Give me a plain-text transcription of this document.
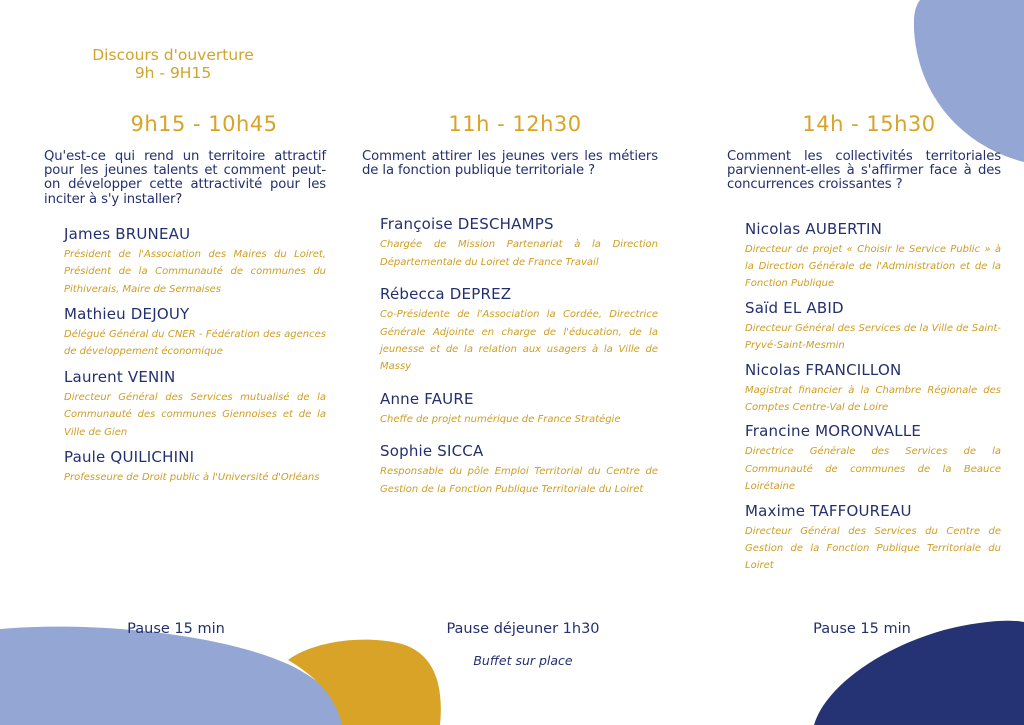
Discours d'ouverture
9h - 9H15
9h15 - 10h45
Qu'est-ce qui rend un territoire attractif pour les jeunes talents et comment peut-on développer cette attractivité pour les inciter à s'y installer?
James BRUNEAU
Président de l'Association des Maires du Loiret, Président de la Communauté de communes du Pithiverais, Maire de Sermaises
Mathieu DEJOUY
Délégué Général du CNER - Fédération des agences de développement économique
Laurent VENIN
Directeur Général des Services mutualisé de la Communauté des communes Giennoises et de la Ville de Gien
Paule QUILICHINI
Professeure de Droit public à l'Université d'Orléans
11h - 12h30
Comment attirer les jeunes vers les métiers de la fonction publique territoriale ?
Françoise DESCHAMPS
Chargée de Mission Partenariat à la Direction Départementale du Loiret de France Travail
Rébecca DEPREZ
Co-Présidente de l'Association la Cordée, Directrice Générale Adjointe en charge de l'éducation, de la jeunesse et de la relation aux usagers à la Ville de Massy
Anne FAURE
Cheffe de projet numérique de France Stratégie
Sophie SICCA
Responsable du pôle Emploi Territorial du Centre de Gestion de la Fonction Publique Territoriale du Loiret
14h - 15h30
Comment les collectivités territoriales parviennent-elles à s'affirmer face à des concurrences croissantes ?
Nicolas AUBERTIN
Directeur de projet « Choisir le Service Public » à la Direction Générale de l'Administration et de la Fonction Publique
Saïd EL ABID
Directeur Général des Services de la Ville de Saint-Pryvé-Saint-Mesmin
Nicolas FRANCILLON
Magistrat financier à la Chambre Régionale des Comptes Centre-Val de Loire
Francine MORONVALLE
Directrice Générale des Services de la Communauté de communes de la Beauce Loirétaine
Maxime TAFFOUREAU
Directeur Général des Services du Centre de Gestion de la Fonction Publique Territoriale du Loiret
Pause 15 min	Pause déjeuner 1h30	Pause 15 min
Buffet sur place
